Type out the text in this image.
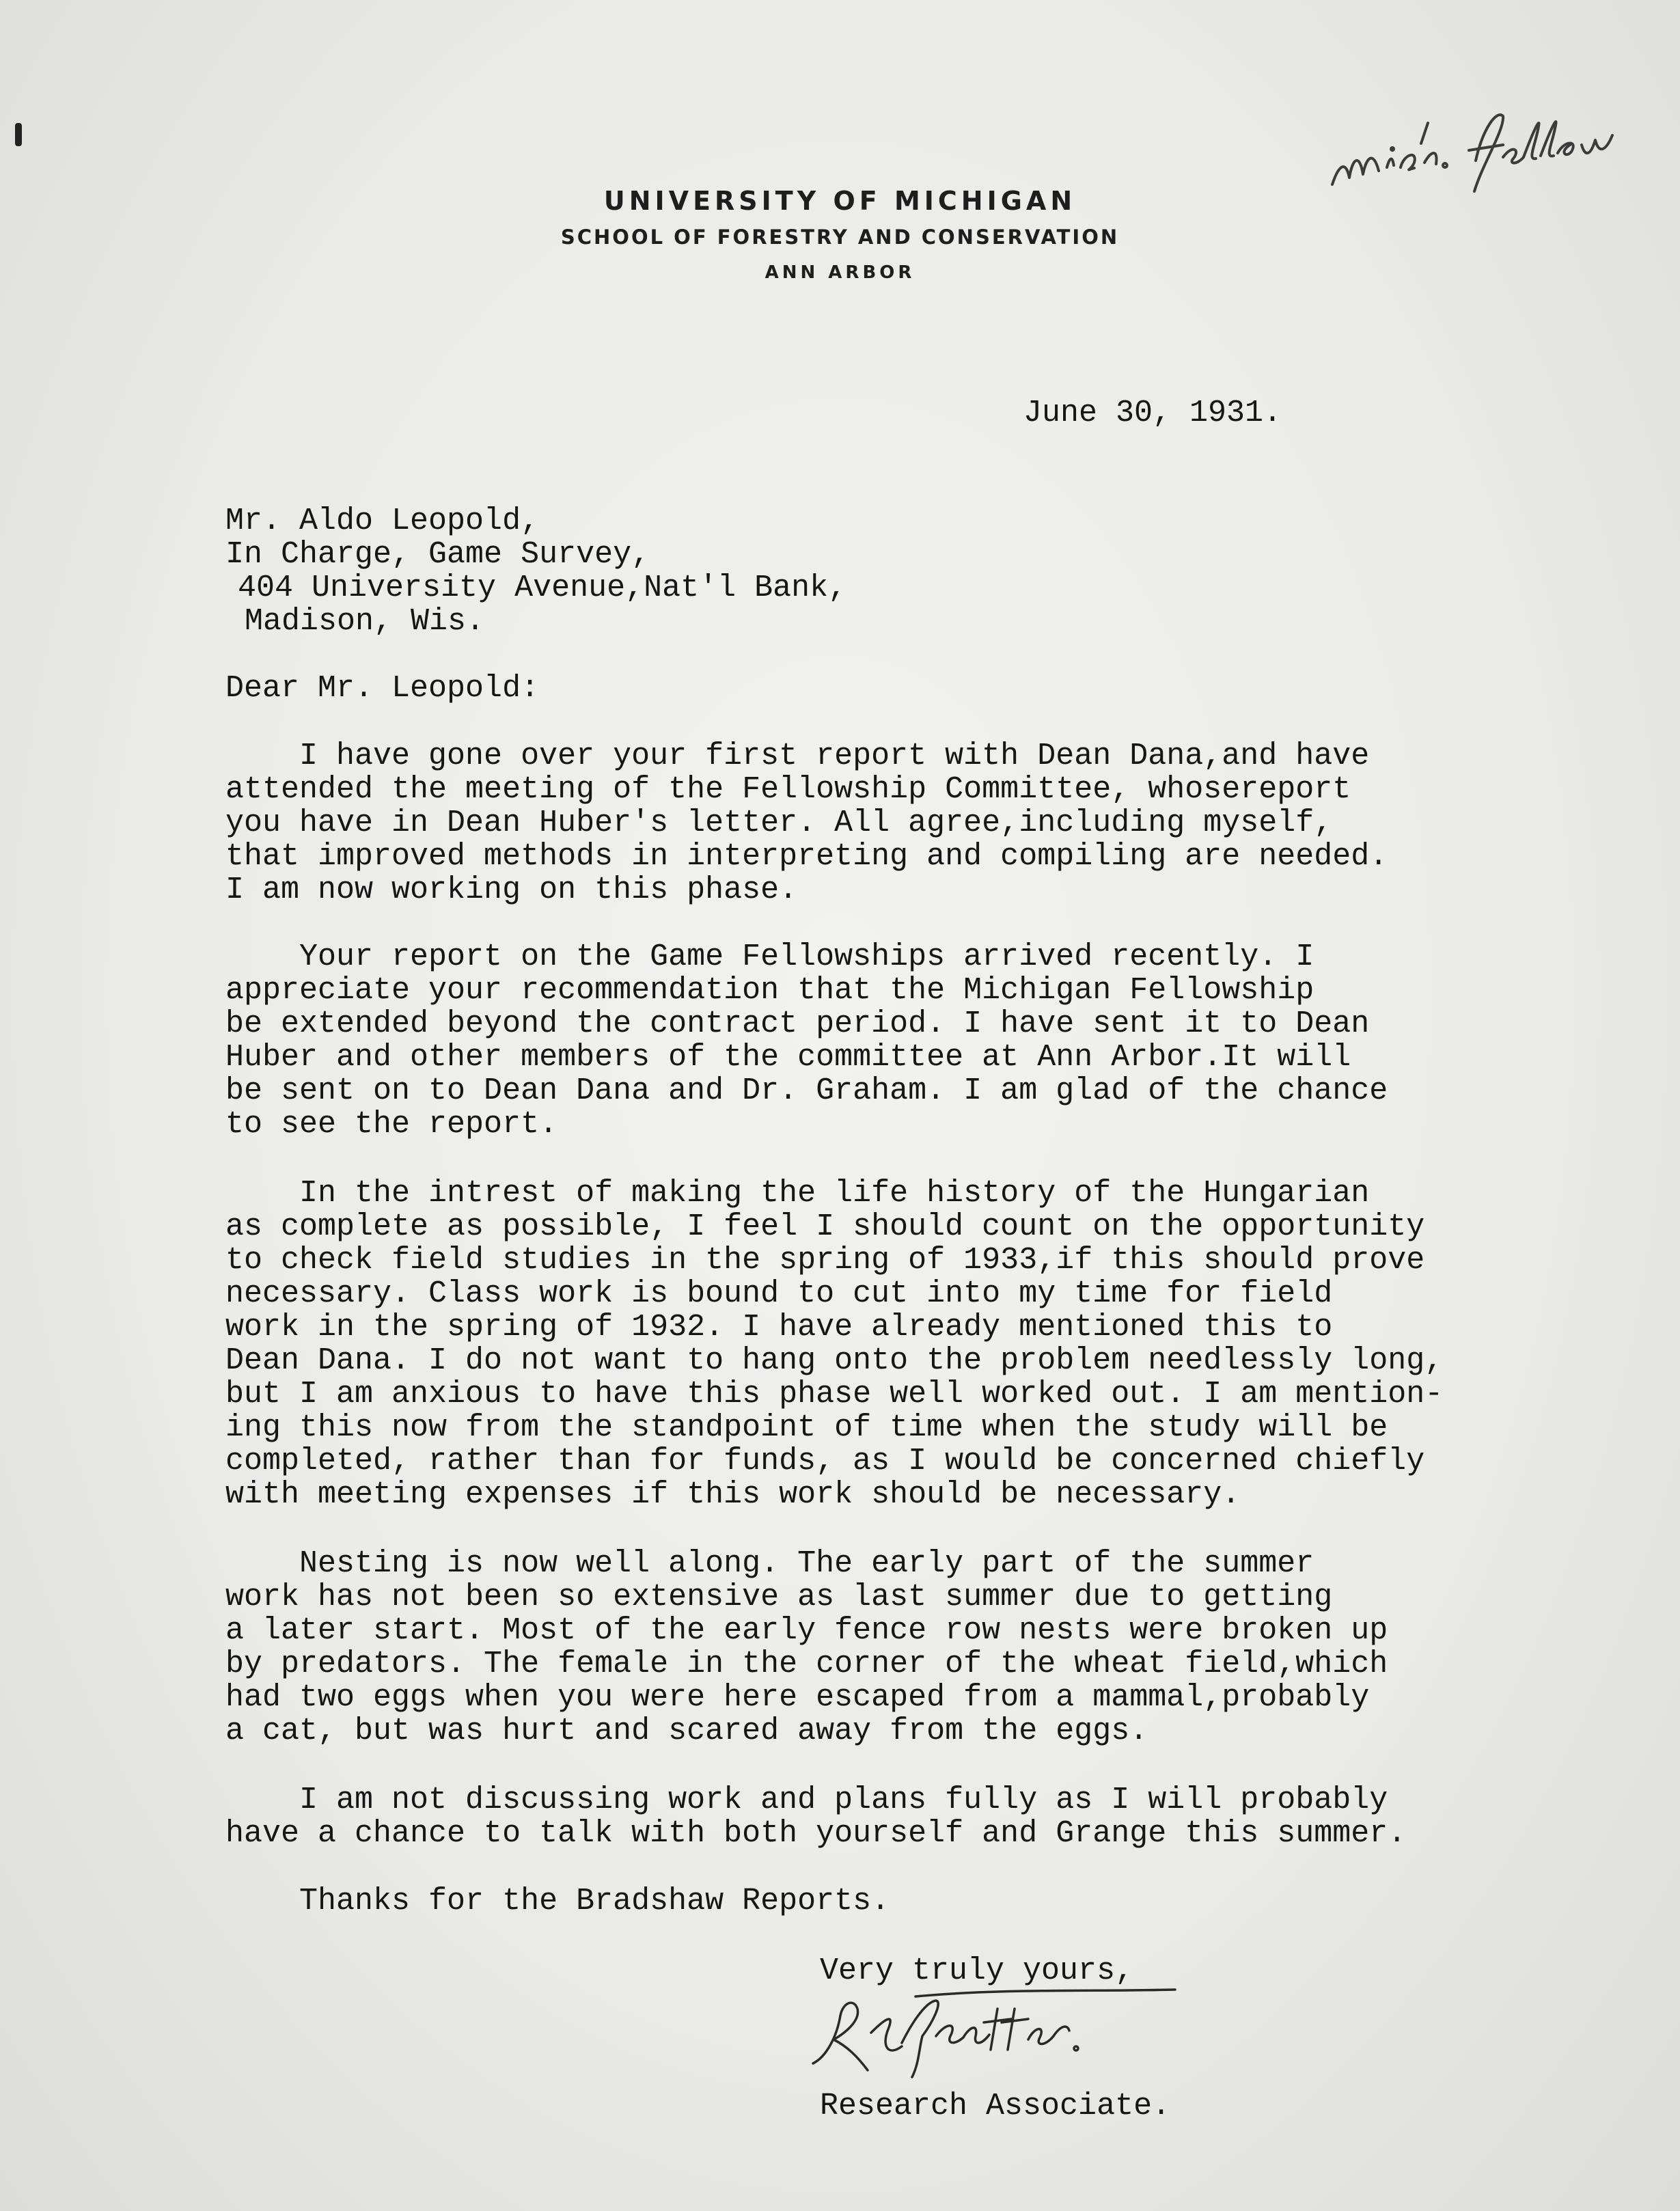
UNIVERSITY OF MICHIGAN
SCHOOL OF FORESTRY AND CONSERVATION
ANN ARBOR
June 30, 1931.
Mr. Aldo Leopold,
In Charge, Game Survey,
404 University Avenue,Nat'l Bank,
Madison, Wis.
Dear Mr. Leopold:
I have gone over your first report with Dean Dana,and have
attended the meeting of the Fellowship Committee, whosereport
you have in Dean Huber's letter. All agree,including myself,
that improved methods in interpreting and compiling are needed.
I am now working on this phase.
Your report on the Game Fellowships arrived recently. I
appreciate your recommendation that the Michigan Fellowship
be extended beyond the contract period. I have sent it to Dean
Huber and other members of the committee at Ann Arbor.It will
be sent on to Dean Dana and Dr. Graham. I am glad of the chance
to see the report.
In the intrest of making the life history of the Hungarian
as complete as possible, I feel I should count on the opportunity
to check field studies in the spring of 1933,if this should prove
necessary. Class work is bound to cut into my time for field
work in the spring of 1932. I have already mentioned this to
Dean Dana. I do not want to hang onto the problem needlessly long,
but I am anxious to have this phase well worked out. I am mention-
ing this now from the standpoint of time when the study will be
completed, rather than for funds, as I would be concerned chiefly
with meeting expenses if this work should be necessary.
Nesting is now well along. The early part of the summer
work has not been so extensive as last summer due to getting
a later start. Most of the early fence row nests were broken up
by predators. The female in the corner of the wheat field,which
had two eggs when you were here escaped from a mammal,probably
a cat, but was hurt and scared away from the eggs.
I am not discussing work and plans fully as I will probably
have a chance to talk with both yourself and Grange this summer.
Thanks for the Bradshaw Reports.
Very truly yours,
Research Associate.
